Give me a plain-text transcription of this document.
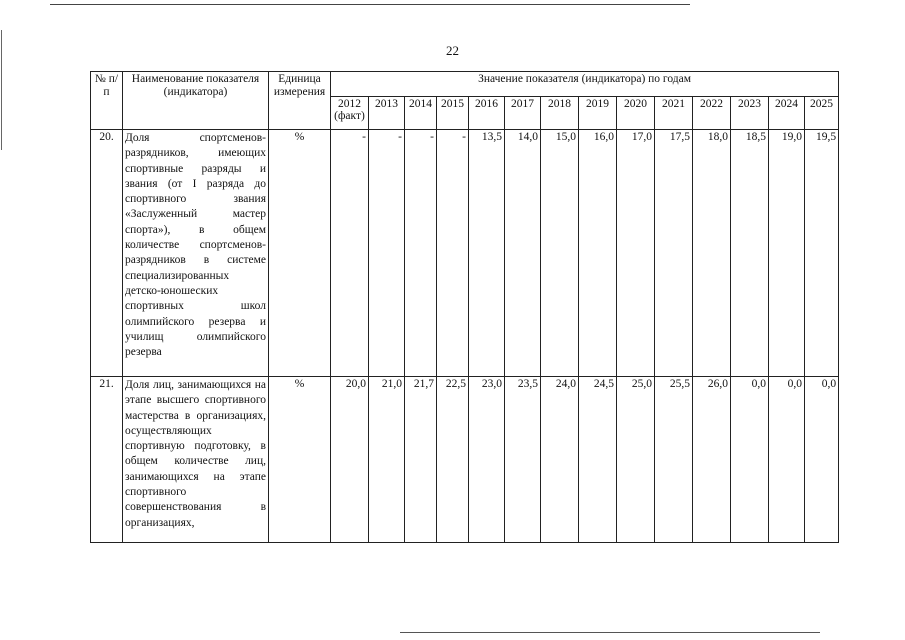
22
№ п/п	Наименование показателя (индикатора)	Единица измерения	Значение показателя (индикатора) по годам													
			2012 (факт)	2013	2014	2015	2016	2017	2018	2019	2020	2021	2022	2023	2024	2025
20.	Доля спортсменов-разрядников, имеющих спортивные разряды и звания (от I разряда до спортивного звания «Заслуженный мастер спорта»), в общем количестве спортсменов-разрядников в системе специализированных детско-юношеских спортивных школ олимпийского резерва и училищ олимпийского резерва	%	-	-	-	-	13,5	14,0	15,0	16,0	17,0	17,5	18,0	18,5	19,0	19,5
21.	Доля лиц, занимающихся на этапе высшего спортивного мастерства в организациях, осуществляющих спортивную подготовку, в общем количестве лиц, занимающихся на этапе спортивного совершенствования в организациях,	%	20,0	21,0	21,7	22,5	23,0	23,5	24,0	24,5	25,0	25,5	26,0	0,0	0,0	0,0
